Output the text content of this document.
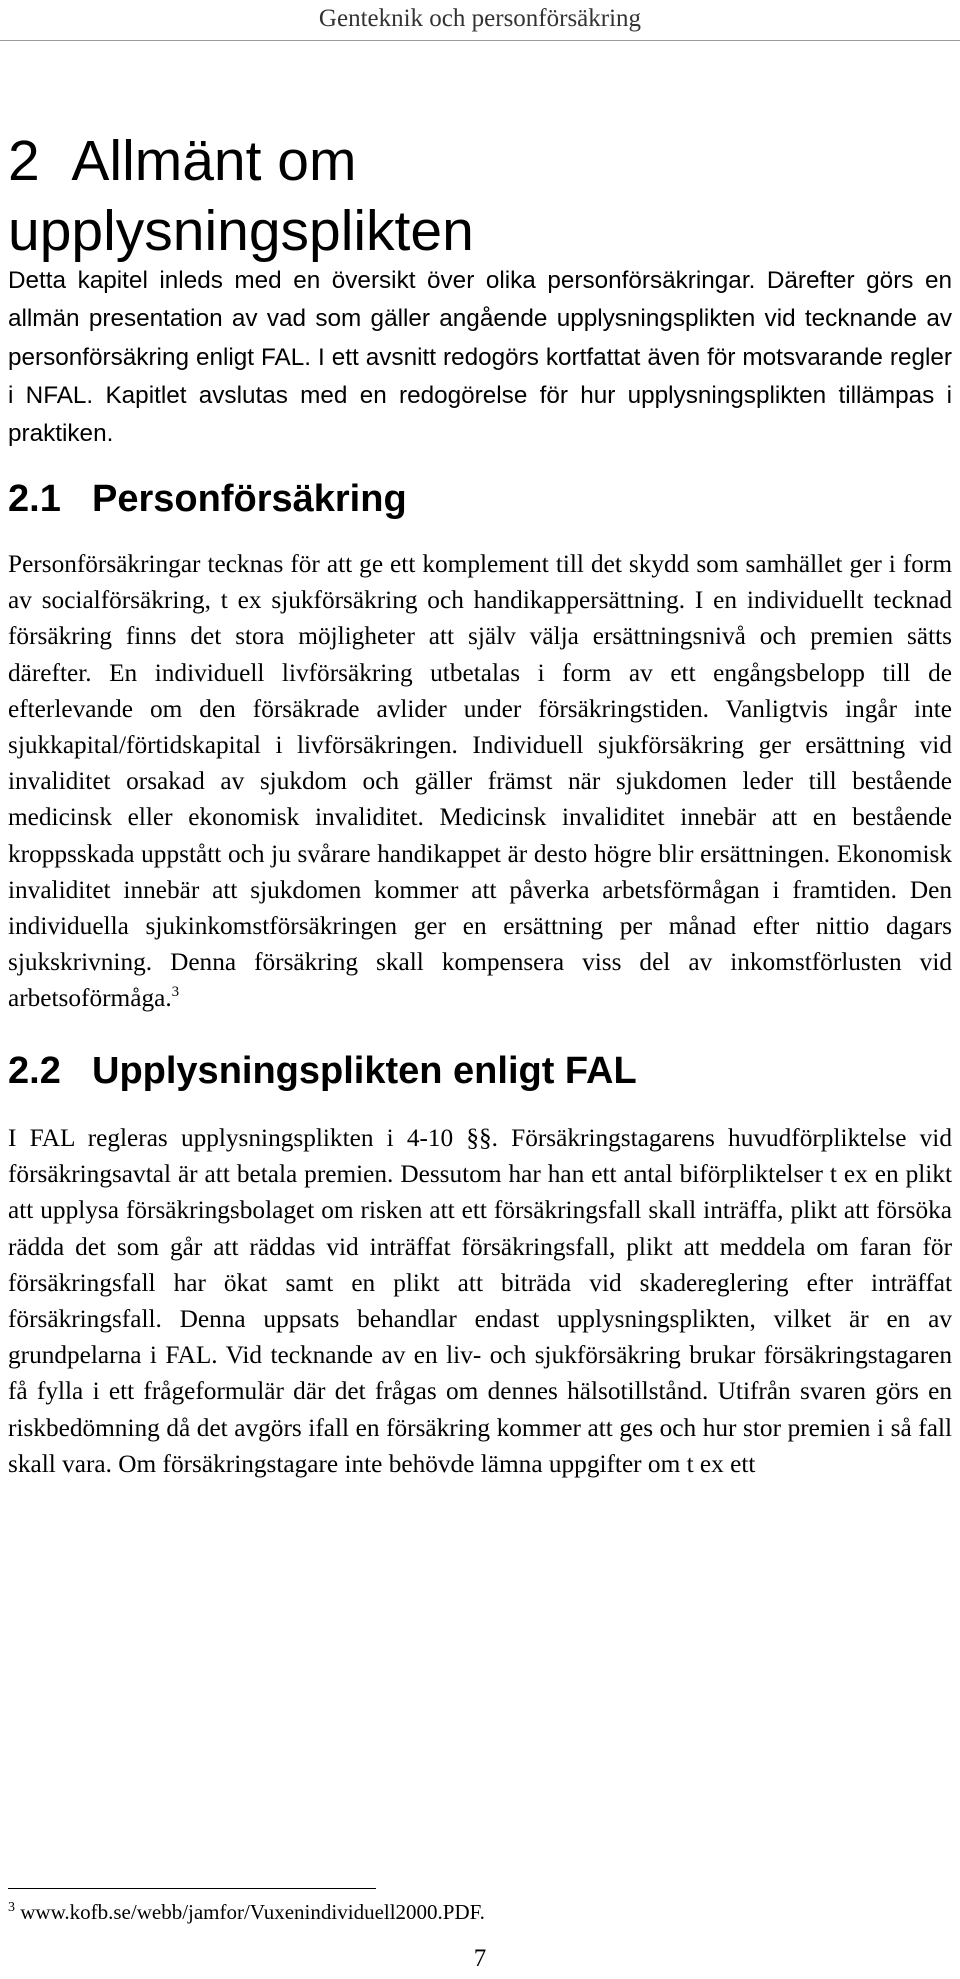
Genteknik och personförsäkring
2 Allmänt om upplysningsplikten

Detta kapitel inleds med en översikt över olika personförsäkringar. Därefter görs en allmän presentation av vad som gäller angående upplysningsplikten vid tecknande av personförsäkring enligt FAL. I ett avsnitt redogörs kortfattat även för motsvarande regler i NFAL. Kapitlet avslutas med en redogörelse för hur upplysningsplikten tillämpas i praktiken.

2.1 Personförsäkring

Personförsäkringar tecknas för att ge ett komplement till det skydd som samhället ger i form av socialförsäkring, t ex sjukförsäkring och handikappersättning. I en individuellt tecknad försäkring finns det stora möjligheter att själv välja ersättningsnivå och premien sätts därefter. En individuell livförsäkring utbetalas i form av ett engångsbelopp till de efterlevande om den försäkrade avlider under försäkringstiden. Vanligtvis ingår inte sjukkapital/förtidskapital i livförsäkringen. Individuell sjukförsäkring ger ersättning vid invaliditet orsakad av sjukdom och gäller främst när sjukdomen leder till bestående medicinsk eller ekonomisk invaliditet. Medicinsk invaliditet innebär att en bestående kroppsskada uppstått och ju svårare handikappet är desto högre blir ersättningen. Ekonomisk invaliditet innebär att sjukdomen kommer att påverka arbetsförmågan i framtiden. Den individuella sjukinkomstförsäkringen ger en ersättning per månad efter nittio dagars sjukskrivning. Denna försäkring skall kompensera viss del av inkomstförlusten vid arbetsoförmåga.$^3$

2.2 Upplysningsplikten enligt FAL

I FAL regleras upplysningsplikten i 4-10 §§. Försäkringstagarens huvudförpliktelse vid försäkringsavtal är att betala premien. Dessutom har han ett antal biförpliktelser t ex en plikt att upplysa försäkringsbolaget om risken att ett försäkringsfall skall inträffa, plikt att försöka rädda det som går att räddas vid inträffat försäkringsfall, plikt att meddela om faran för försäkringsfall har ökat samt en plikt att biträda vid skadereglering efter inträffat försäkringsfall. Denna uppsats behandlar endast upplysningsplikten, vilket är en av grundpelarna i FAL. Vid tecknande av en liv- och sjukförsäkring brukar försäkringstagaren få fylla i ett frågeformulär där det frågas om dennes hälsotillstånd. Utifrån svaren görs en riskbedömning då det avgörs ifall en försäkring kommer att ges och hur stor premien i så fall skall vara. Om försäkringstagare inte behövde lämna uppgifter om t ex ett

$^3$ www.kofb.se/webb/jamfor/Vuxenindividuell2000.PDF.
7
